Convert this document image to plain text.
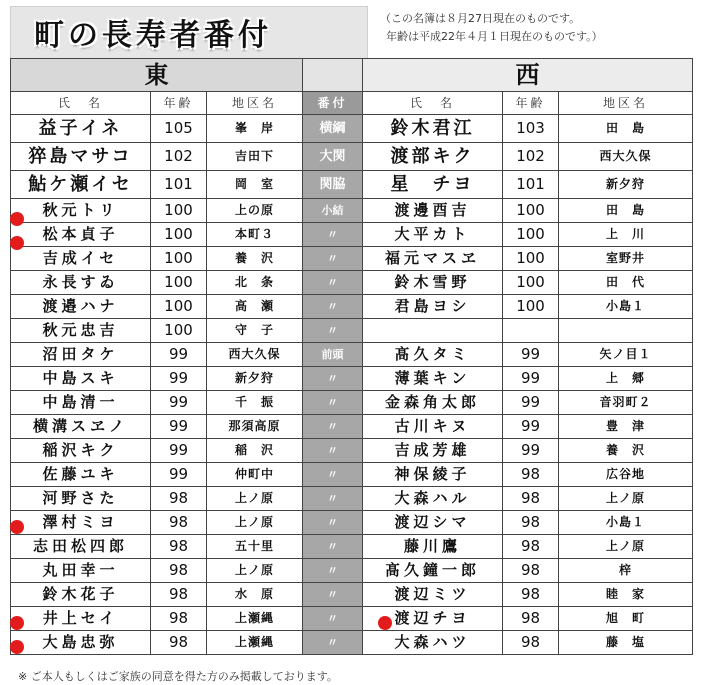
町の長寿者番付	（この名簿は８月27日現在のものです。
年齢は平成22年４月１日現在のものです。）
東				西		
氏　名	年齢	地区名	番付	氏　名	年齢	地区名
益子イネ	105	峯　岸	横綱	鈴木君江	103	田　島
猝島マサコ	102	吉田下	大関	渡部キク	102	西大久保
鮎ケ瀬イセ	101	岡　室	関脇	星　チヨ	101	新夕狩
秋元トリ	100	上の原	小結	渡邊酉吉	100	田　島
松本貞子	100	本町３	〃	大平カト	100	上　川
吉成イセ	100	養　沢	〃	福元マスヱ	100	室野井
永長すゐ	100	北　条	〃	鈴木雪野	100	田　代
渡邉ハナ	100	高　瀬	〃	君島ヨシ	100	小島１
秋元忠吉	100	守　子	〃			
沼田タケ	99	西大久保	前頭	髙久タミ	99	矢ノ目１
中島スキ	99	新夕狩	〃	薄葉キン	99	上　郷
中島清一	99	千　振	〃	金森角太郎	99	音羽町２
横溝スヱノ	99	那須高原	〃	古川キヌ	99	豊　津
稲沢キク	99	稲　沢	〃	吉成芳雄	99	養　沢
佐藤ユキ	99	仲町中	〃	神保綾子	98	広谷地
河野さた	98	上ノ原	〃	大森ハル	98	上ノ原
澤村ミヨ	98	上ノ原	〃	渡辺シマ	98	小島１
志田松四郎	98	五十里	〃	藤川鷹	98	上ノ原
丸田幸一	98	上ノ原	〃	髙久鐘一郎	98	梓
鈴木花子	98	水　原	〃	渡辺ミツ	98	睦　家
井上セイ	98	上瀬縄	〃	渡辺チヨ	98	旭　町
大島忠弥	98	上瀬縄	〃	大森ハツ	98	藤　塩
※ ご本人もしくはご家族の同意を得た方のみ掲載しております。
